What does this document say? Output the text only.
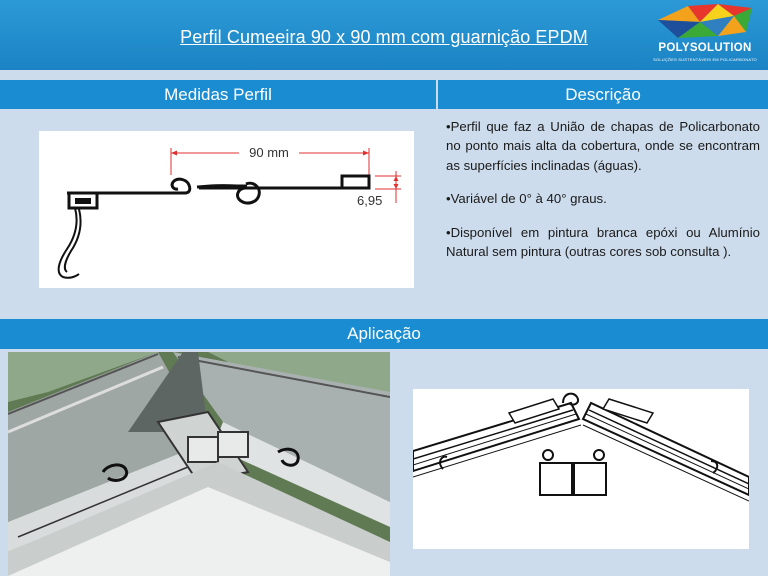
Perfil Cumeeira 90 x 90 mm com guarnição EPDM
POLYSOLUTION
SOLUÇÕES SUSTENTÁVEIS EM POLICARBONATO
Medidas Perfil	Descrição
90 mm
6,95

•Perfil que faz a União de chapas de Policarbonato no ponto mais alta da cobertura, onde se encontram as superfícies inclinadas (águas).

•Variável de 0° à 40° graus.

•Disponível em pintura branca epóxi ou Alumínio Natural sem pintura (outras cores sob consulta ).

Aplicação
